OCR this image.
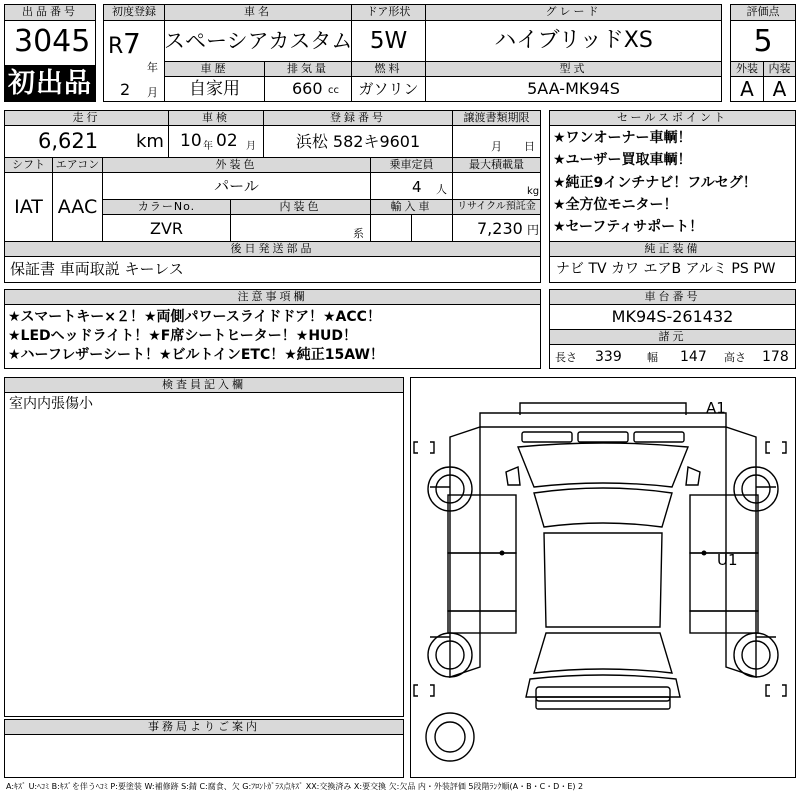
出品番号
3045
初出品
初度登録
R 7
年
2 月
車名
スペーシアカスタム
ドア形状
5W
グレード
ハイブリッドXS
評価点
5
車歴
自家用
排気量
660 cc
燃料
ガソリン
型式
5AA-MK94S
外装
A
内装
A
走行
6,621 km
車検
10 年 02 月
登録番号
浜松 582キ9601
譲渡書類期限
月 日
セールスポイント
★ワンオーナー車輌！
★ユーザー買取車輌！
★純正9インチナビ！フルセグ！
★全方位モニター！
★セーフティサポート！
シフト
IAT
エアコン
AAC
外装色
パール
乗車定員
4 人
最大積載量
kg
カラーNo.
ZVR
内装色
系
輸入車	リサイクル預託金
7,230 円
後日発送部品
保証書 車両取説 キーレス
純正装備
ナビ TV カワ エアB アルミ PS PW
注意事項欄
★スマートキー×２！★両側パワースライドドア！★ACC！
★LEDヘッドライト！★F席シートヒーター！★HUD！
★ハーフレザーシート！★ビルトインETC！★純正15AW！
車台番号
MK94S-261432
諸元
長さ 339 幅 147 高さ 178
検査員記入欄
室内内張傷小
事務局よりご案内
A1
U1
A:ｷｽﾞ U:ﾍｺﾐ B:ｷｽﾞを伴うﾍｺﾐ P:要塗装 W:補修跡 S:錆 C:腐食、欠 G:ﾌﾛﾝﾄｶﾞﾗｽ点ｷｽﾞ XX:交換済み X:要交換 欠:欠品 内・外装評価 5段階ﾗﾝｸ順(A・B・C・D・E) 2
